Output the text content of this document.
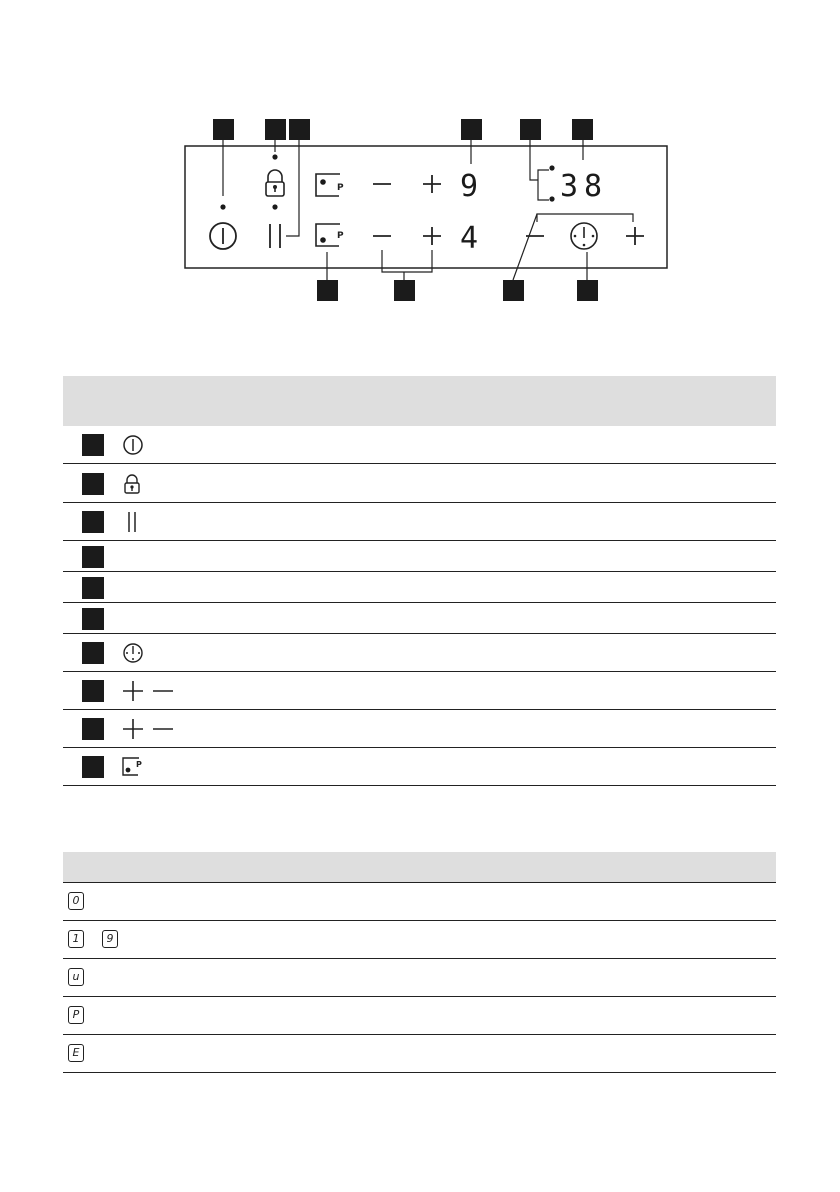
P
P
9
4
38
P
0
1	9
u
P
E
